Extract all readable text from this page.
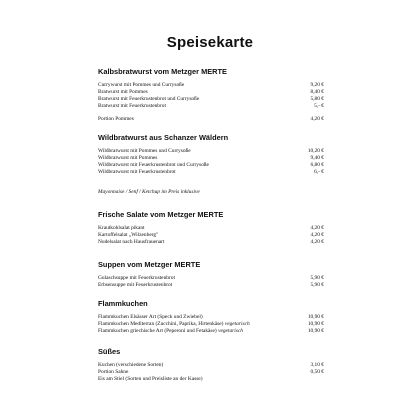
Speisekarte
Kalbsbratwurst vom Metzger MERTE
Currywurst mit Pommes und Currysoße	9,20 €
Bratwurst mit Pommes	8,40 €
Bratwurst mit Feuerkrustenbrot und Currysoße	5,80 €
Bratwurst mit Feuerkrustenbrot	5,- €
Portion Pommes	4,20 €
Wildbratwurst aus Schanzer Wäldern
Wildbratwurst mit Pommes und Currysoße	10,20 €
Wildbratwurst mit Pommes	9,40 €
Wildbratwurst mit Feuerkrustenbrot und Currysoße	6,80 €
Wildbratwurst mit Feuerkrustenbrot	6,- €
Mayonnaise / Senf / Ketchup im Preis inklusive
Frische Salate vom Metzger MERTE
Krautkohlsalat pikant	4,20 €
Kartoffelsalat „Wilzenberg"	4,20 €
Nudelsalat nach Hausfrauenart	4,20 €
Suppen vom Metzger MERTE
Gulaschsuppe mit Feuerkrustenbrot	5,90 €
Erbsensuppe mit Feuerkrustenbrot	5,90 €
Flammkuchen
Flammkuchen Elsässer Art (Speck und Zwiebel)	10,90 €
Flammkuchen Mediterran (Zucchini, Paprika, Hirtenkäse) vegetarisch	10,90 €
Flammkuchen griechische Art (Peperoni und Fetakäse) vegetarisch	10,90 €
Süßes
Kuchen (verschiedene Sorten)	3,10 €
Portion Sahne	0,50 €
Eis am Stiel (Sorten und Preisliste an der Kasse)
